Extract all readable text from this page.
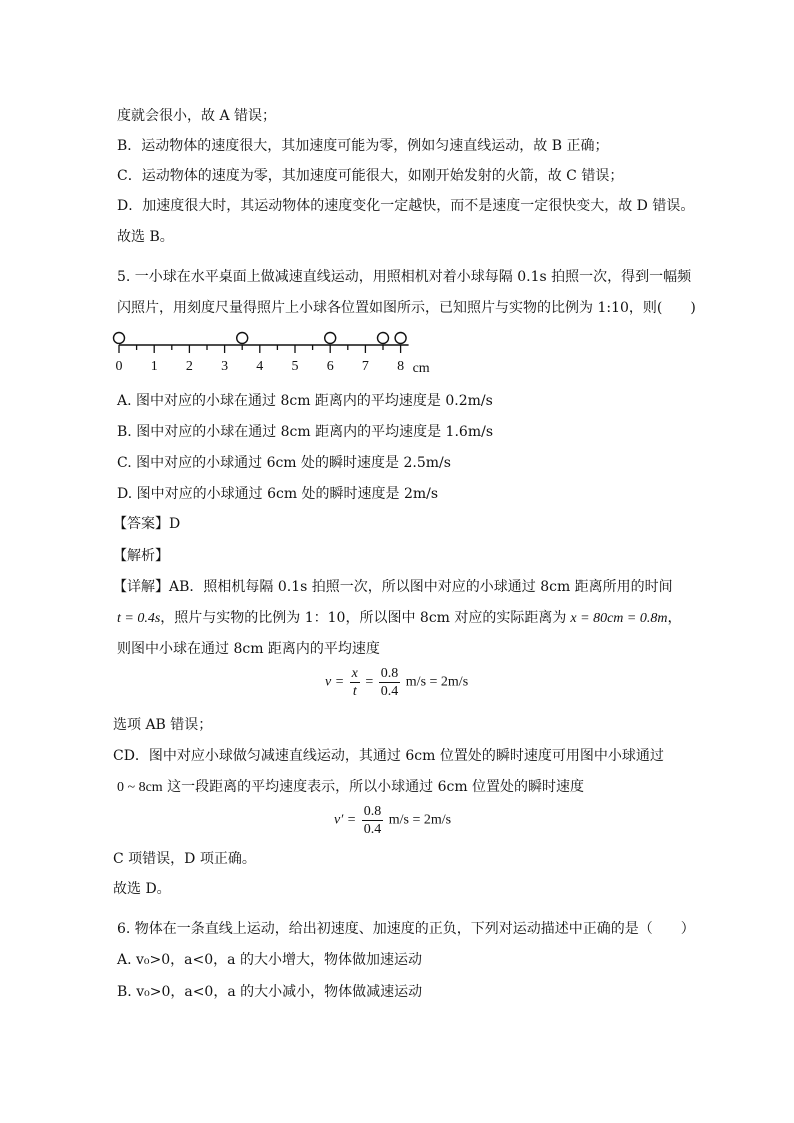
度就会很小，故 A 错误；
B．运动物体的速度很大，其加速度可能为零，例如匀速直线运动，故 B 正确；
C．运动物体的速度为零，其加速度可能很大，如刚开始发射的火箭，故 C 错误；
D．加速度很大时，其运动物体的速度变化一定越快，而不是速度一定很快变大，故 D 错误。
故选 B。
5. 一小球在水平桌面上做减速直线运动，用照相机对着小球每隔 0.1s 拍照一次，得到一幅频
闪照片，用刻度尺量得照片上小球各位置如图所示，已知照片与实物的比例为 1:10，则(　　)
0 1 2 3 4 5 6 7 8 cm
A. 图中对应的小球在通过 8cm 距离内的平均速度是 0.2m/s
B. 图中对应的小球在通过 8cm 距离内的平均速度是 1.6m/s
C. 图中对应的小球通过 6cm 处的瞬时速度是 2.5m/s
D. 图中对应的小球通过 6cm 处的瞬时速度是 2m/s
【答案】D
【解析】
【详解】AB．照相机每隔 0.1s 拍照一次，所以图中对应的小球通过 8cm 距离所用的时间
t = 0.4s，照片与实物的比例为 1：10，所以图中 8cm 对应的实际距离为 x = 80cm = 0.8m，
则图中小球在通过 8cm 距离内的平均速度
$v = \frac{x}{t} = \frac{0.8}{0.4} m/s = 2m/s$
选项 AB 错误；
CD．图中对应小球做匀减速直线运动，其通过 6cm 位置处的瞬时速度可用图中小球通过
0 ~ 8cm 这一段距离的平均速度表示，所以小球通过 6cm 位置处的瞬时速度
$v' = \frac{0.8}{0.4} m/s = 2m/s$
C 项错误，D 项正确。
故选 D。
6. 物体在一条直线上运动，给出初速度、加速度的正负，下列对运动描述中正确的是（　　）
A. v₀>0，a<0，a 的大小增大，物体做加速运动
B. v₀>0，a<0，a 的大小减小，物体做减速运动
